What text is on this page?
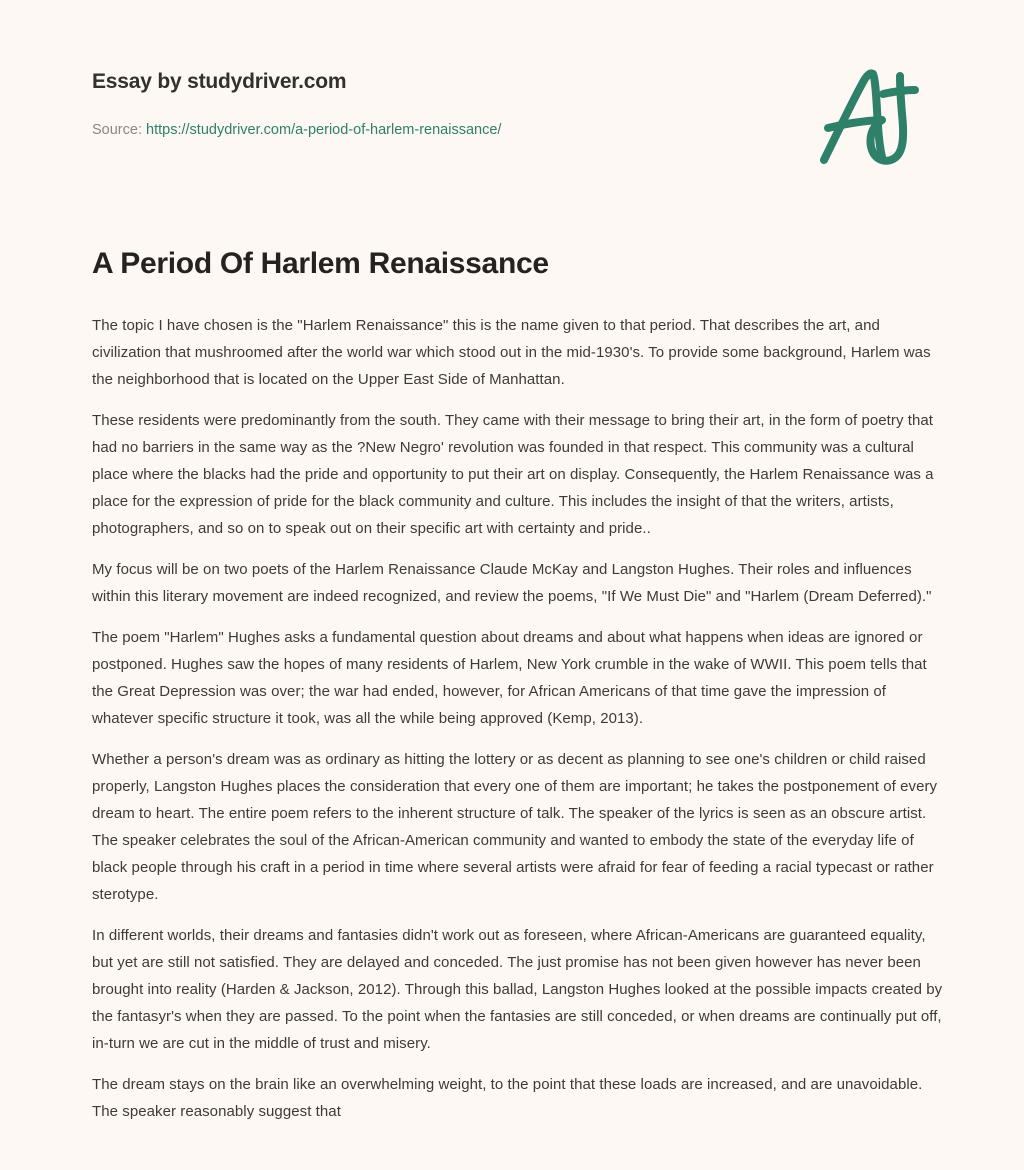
Essay by studydriver.com
Source: https://studydriver.com/a-period-of-harlem-renaissance/
A Period Of Harlem Renaissance

The topic I have chosen is the "Harlem Renaissance" this is the name given to that period. That describes the art, and civilization that mushroomed after the world war which stood out in the mid-1930's. To provide some background, Harlem was the neighborhood that is located on the Upper East Side of Manhattan.

These residents were predominantly from the south. They came with their message to bring their art, in the form of poetry that had no barriers in the same way as the ?New Negro' revolution was founded in that respect. This community was a cultural place where the blacks had the pride and opportunity to put their art on display. Consequently, the Harlem Renaissance was a place for the expression of pride for the black community and culture. This includes the insight of that the writers, artists, photographers, and so on to speak out on their specific art with certainty and pride..

My focus will be on two poets of the Harlem Renaissance Claude McKay and Langston Hughes. Their roles and influences within this literary movement are indeed recognized, and review the poems, "If We Must Die" and "Harlem (Dream Deferred)."

The poem "Harlem" Hughes asks a fundamental question about dreams and about what happens when ideas are ignored or postponed. Hughes saw the hopes of many residents of Harlem, New York crumble in the wake of WWII. This poem tells that the Great Depression was over; the war had ended, however, for African Americans of that time gave the impression of whatever specific structure it took, was all the while being approved (Kemp, 2013).

Whether a person's dream was as ordinary as hitting the lottery or as decent as planning to see one's children or child raised properly, Langston Hughes places the consideration that every one of them are important; he takes the postponement of every dream to heart. The entire poem refers to the inherent structure of talk. The speaker of the lyrics is seen as an obscure artist. The speaker celebrates the soul of the African-American community and wanted to embody the state of the everyday life of black people through his craft in a period in time where several artists were afraid for fear of feeding a racial typecast or rather sterotype.

In different worlds, their dreams and fantasies didn't work out as foreseen, where African-Americans are guaranteed equality, but yet are still not satisfied. They are delayed and conceded. The just promise has not been given however has never been brought into reality (Harden & Jackson, 2012). Through this ballad, Langston Hughes looked at the possible impacts created by the fantasyr's when they are passed. To the point when the fantasies are still conceded, or when dreams are continually put off, in-turn we are cut in the middle of trust and misery.

The dream stays on the brain like an overwhelming weight, to the point that these loads are increased, and are unavoidable. The speaker reasonably suggest that
